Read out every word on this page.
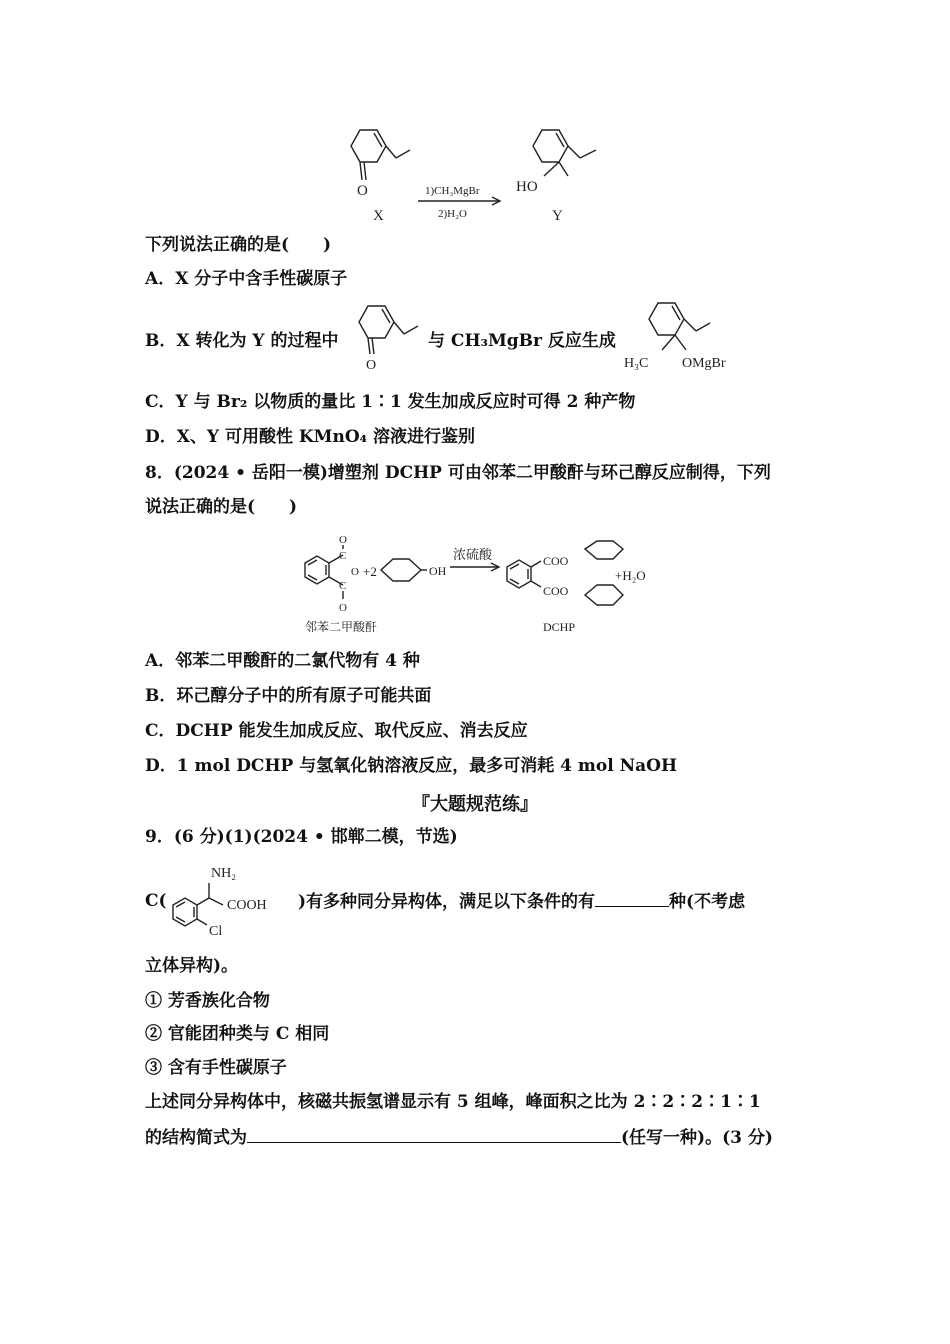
O
X
1)CH₃MgBr
2)H₂O
HO
Y
下列说法正确的是(　　)
A．X 分子中含手性碳原子
B．X 转化为 Y 的过程中
O
与 CH₃MgBr 反应生成
H₃C OMgBr
C．Y 与 Br₂ 以物质的量比 1∶1 发生加成反应时可得 2 种产物
D．X、Y 可用酸性 KMnO₄ 溶液进行鉴别
8．(2024 • 岳阳一模)增塑剂 DCHP 可由邻苯二甲酸酐与环己醇反应制得，下列
说法正确的是(　　)
O
C
O
C
O
邻苯二甲酸酐
+2	OH
浓硫酸	COO
COO
+H₂O
DCHP
A．邻苯二甲酸酐的二氯代物有 4 种
B．环己醇分子中的所有原子可能共面
C．DCHP 能发生加成反应、取代反应、消去反应
D．1 mol DCHP 与氢氧化钠溶液反应，最多可消耗 4 mol NaOH
『大题规范练』
9．(6 分)(1)(2024 • 邯郸二模，节选)
C(
NH₂
COOH
Cl
)有多种同分异构体，满足以下条件的有	种(不考虑
立体异构)。
① 芳香族化合物
② 官能团种类与 C 相同
③ 含有手性碳原子
上述同分异构体中，核磁共振氢谱显示有 5 组峰，峰面积之比为 2∶2∶2∶1∶1
的结构简式为	(任写一种)。(3 分)
